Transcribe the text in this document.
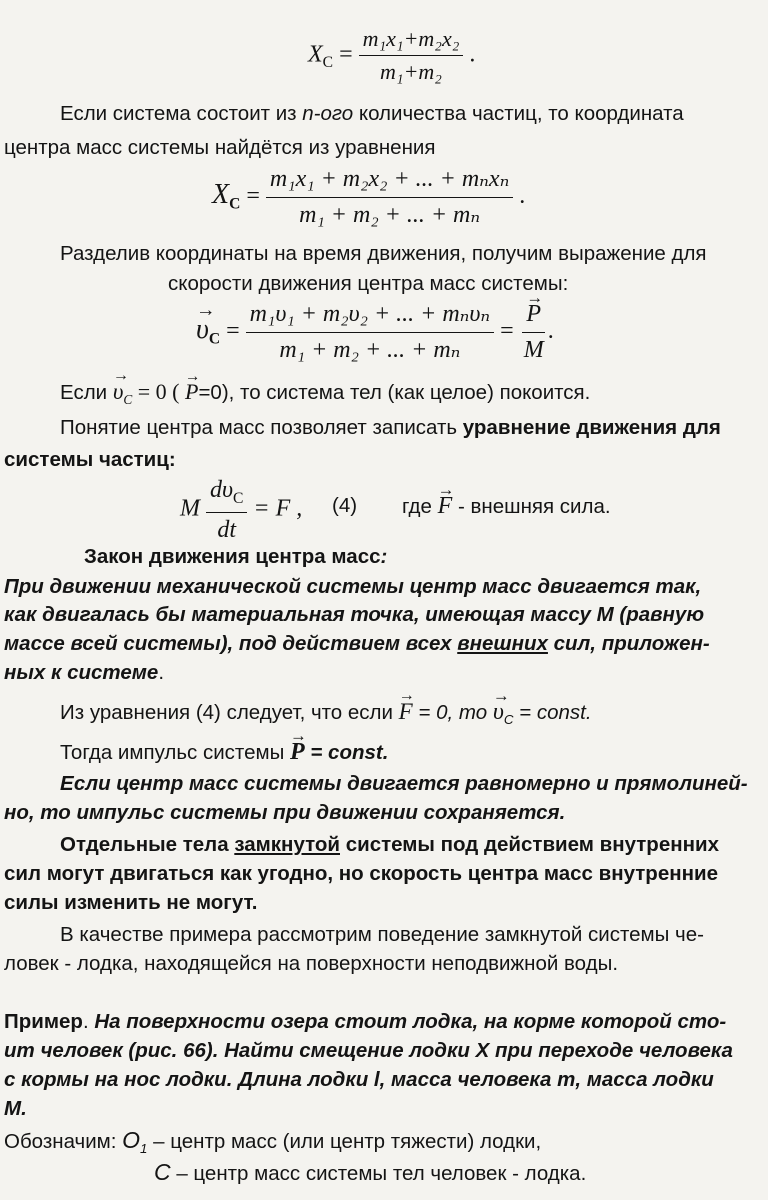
$X_C = \frac{\text{m₁x₁+m₂x₂}}{\text{m₁+m₂}}$ .
Если система состоит из n-ого количества частиц, то координата
центра масс системы найдётся из уравнения
$X_C = \frac{\text{m₁x₁ + m₂x₂ + ... + mₙxₙ}}{\text{m₁ + m₂ + ... + mₙ}}$ .
Разделив координаты на время движения, получим выражение для
скорости движения центра масс системы:
→ $\upsilon_C = \frac{\text{m₁υ₁ + m₂υ₂ + ... + mₙυₙ}}{\text{m₁ + m₂ + ... + mₙ}}$ = → $\frac{P}{M}$ .
Если → $\upsilon_C = 0$ ( → P=0), то система тел (как целое) покоится.
Понятие центра масс позволяет записать уравнение движения для
системы частиц:
M $\frac{d\upsilon_C}{dt} = F$ , (4) где → F - внешняя сила.
Закон движения центра масс:
При движении механической системы центр масс двигается так,
как двигалась бы материальная точка, имеющая массу М (равную
массе всей системы), под действием всех внешних сил, приложен-
ных к системе.
Из уравнения (4) следует, что если → F = 0, то → $\upsilon_C$ = const.
Тогда импульс системы → P = const.
Если центр масс системы двигается равномерно и прямолиней-
но, то импульс системы при движении сохраняется.
Отдельные тела замкнутой системы под действием внутренних
сил могут двигаться как угодно, но скорость центра масс внутренние
силы изменить не могут.
В качестве примера рассмотрим поведение замкнутой системы че-
ловек - лодка, находящейся на поверхности неподвижной воды.
Пример. На поверхности озера стоит лодка, на корме которой сто-
ит человек (рис. 66). Найти смещение лодки X при переходе человека
с кормы на нос лодки. Длина лодки l, масса человека m, масса лодки
M.
Обозначим: $O_1$ – центр масс (или центр тяжести) лодки,
C – центр масс системы тел человек - лодка.
